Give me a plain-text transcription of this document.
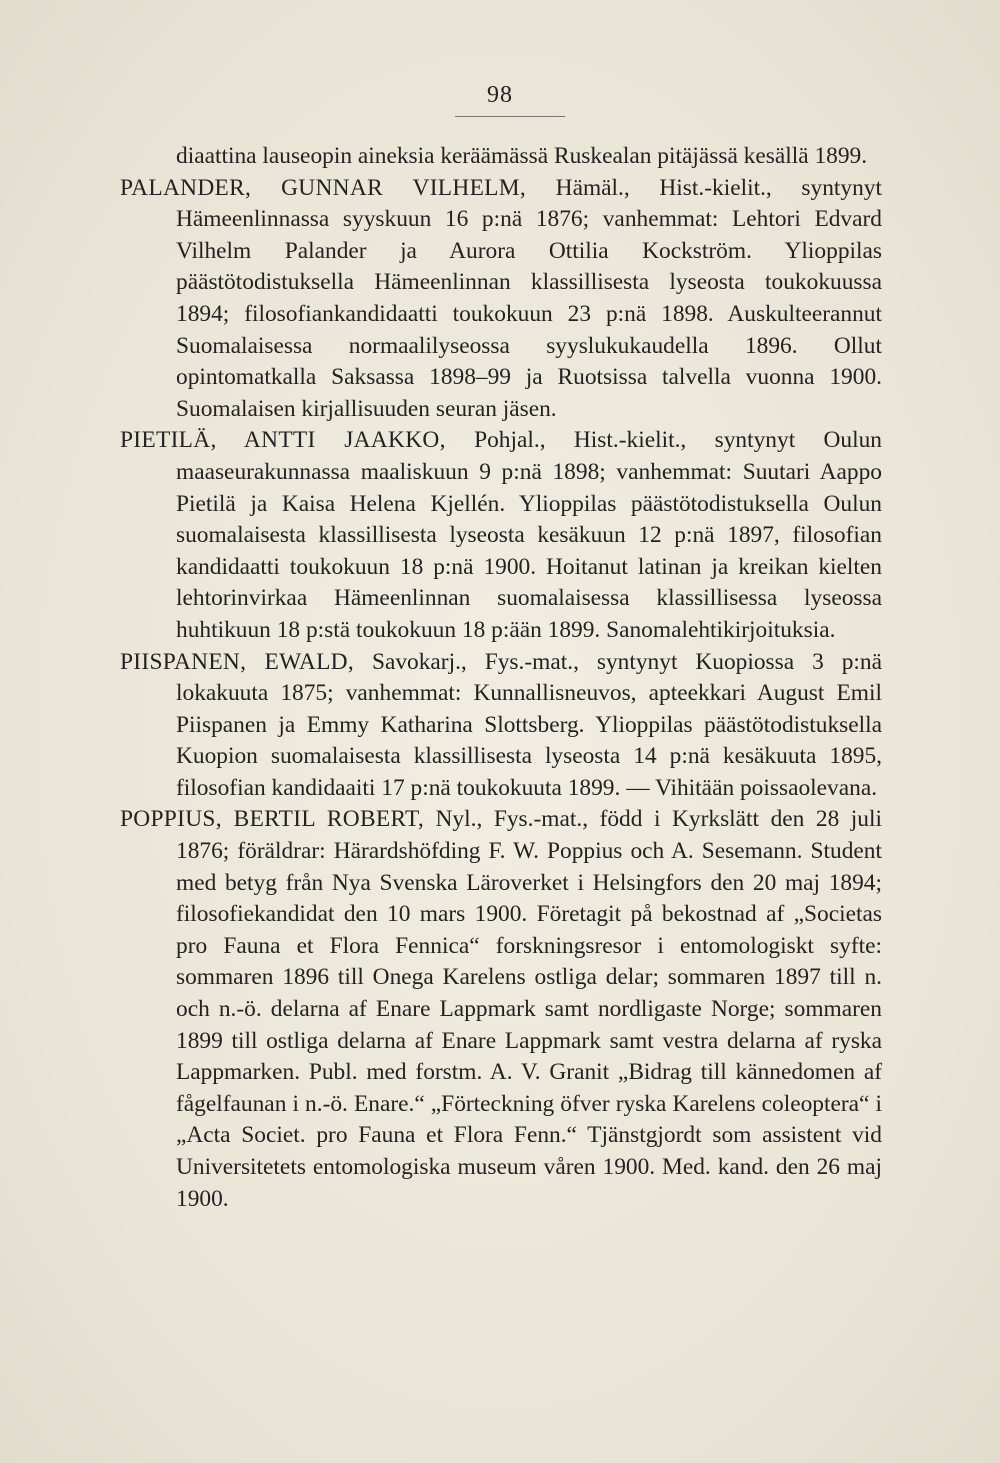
98

diaattina lauseopin aineksia keräämässä Ruskealan pitäjässä kesällä 1899.

PALANDER, GUNNAR VILHELM, Hämäl., Hist.-kielit., syntynyt Hämeenlinnassa syyskuun 16 p:nä 1876; vanhemmat: Lehtori Edvard Vilhelm Palander ja Aurora Ottilia Kockström. Ylioppilas päästötodistuksella Hämeenlinnan klassillisesta lyseosta toukokuussa 1894; filosofiankandidaatti toukokuun 23 p:nä 1898. Auskulteerannut Suomalaisessa normaalilyseossa syyslukukaudella 1896. Ollut opintomatkalla Saksassa 1898–99 ja Ruotsissa talvella vuonna 1900. Suomalaisen kirjallisuuden seuran jäsen.

PIETILÄ, ANTTI JAAKKO, Pohjal., Hist.-kielit., syntynyt Oulun maaseurakunnassa maaliskuun 9 p:nä 1898; vanhemmat: Suutari Aappo Pietilä ja Kaisa Helena Kjellén. Ylioppilas päästötodistuksella Oulun suomalaisesta klassillisesta lyseosta kesäkuun 12 p:nä 1897, filosofian kandidaatti toukokuun 18 p:nä 1900. Hoitanut latinan ja kreikan kielten lehtorinvirkaa Hämeenlinnan suomalaisessa klassillisessa lyseossa huhtikuun 18 p:stä toukokuun 18 p:ään 1899. Sanomalehtikirjoituksia.

PIISPANEN, EWALD, Savokarj., Fys.-mat., syntynyt Kuopiossa 3 p:nä lokakuuta 1875; vanhemmat: Kunnallisneuvos, apteekkari August Emil Piispanen ja Emmy Katharina Slottsberg. Ylioppilas päästötodistuksella Kuopion suomalaisesta klassillisesta lyseosta 14 p:nä kesäkuuta 1895, filosofian kandidaaiti 17 p:nä toukokuuta 1899. — Vihitään poissaolevana.

POPPIUS, BERTIL ROBERT, Nyl., Fys.-mat., född i Kyrkslätt den 28 juli 1876; föräldrar: Härardshöfding F. W. Poppius och A. Sesemann. Student med betyg från Nya Svenska Läroverket i Helsingfors den 20 maj 1894; filosofiekandidat den 10 mars 1900. Företagit på bekostnad af „Societas pro Fauna et Flora Fennica“ forskningsresor i entomologiskt syfte: sommaren 1896 till Onega Karelens ostliga delar; sommaren 1897 till n. och n.-ö. delarna af Enare Lappmark samt nordligaste Norge; sommaren 1899 till ostliga delarna af Enare Lappmark samt vestra delarna af ryska Lappmarken. Publ. med forstm. A. V. Granit „Bidrag till kännedomen af fågelfaunan i n.-ö. Enare.“ „Förteckning öfver ryska Karelens coleoptera“ i „Acta Societ. pro Fauna et Flora Fenn.“ Tjänstgjordt som assistent vid Universitetets entomologiska museum våren 1900. Med. kand. den 26 maj 1900.
